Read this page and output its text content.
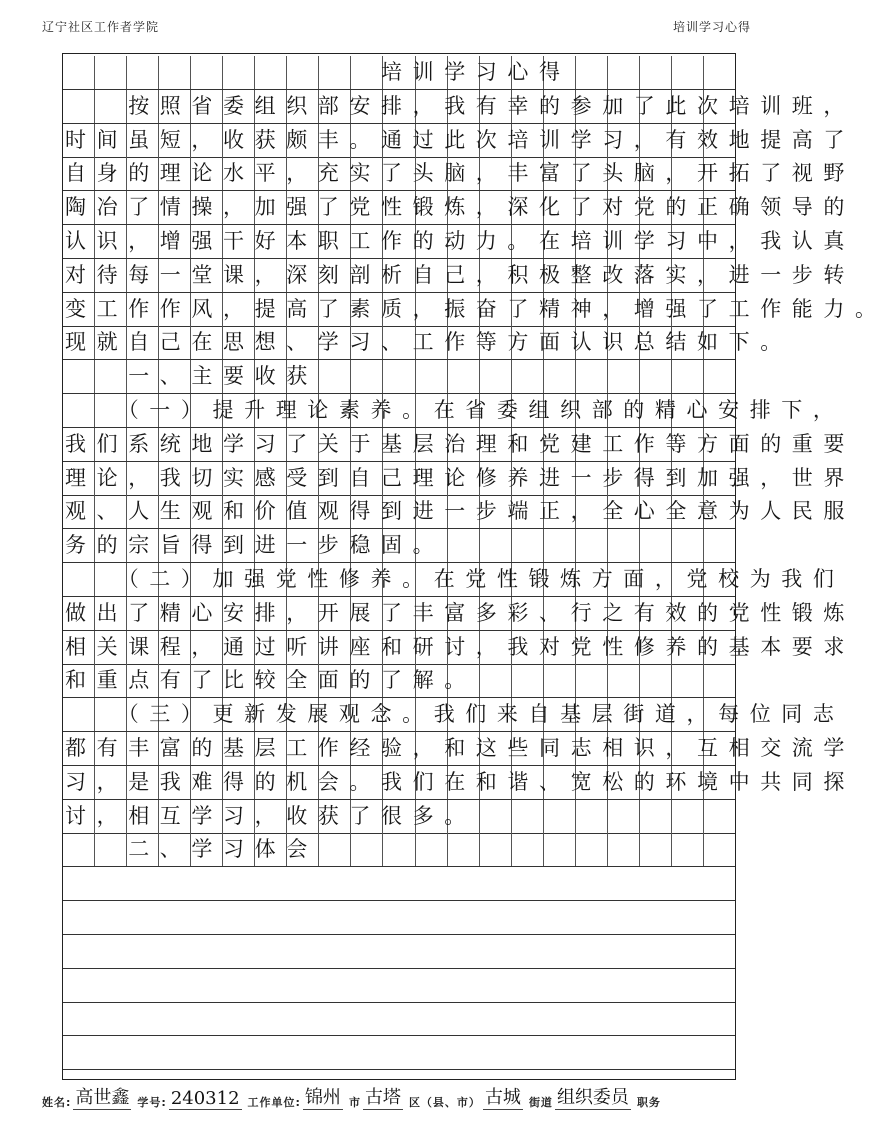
辽宁社区工作者学院	培训学习心得
　　　　　　　　　　培训学习心得
　　按照省委组织部安排，我有幸的参加了此次培训班，
时间虽短，收获颇丰。通过此次培训学习，有效地提高了
自身的理论水平，充实了头脑，丰富了头脑，开拓了视野
陶冶了情操，加强了党性锻炼，深化了对党的正确领导的
认识，增强干好本职工作的动力。在培训学习中，我认真
对待每一堂课，深刻剖析自己，积极整改落实，进一步转
变工作作风，提高了素质，振奋了精神，增强了工作能力。
现就自己在思想、学习、工作等方面认识总结如下。
　　一、主要收获
　　（一）提升理论素养。在省委组织部的精心安排下，
我们系统地学习了关于基层治理和党建工作等方面的重要
理论，我切实感受到自己理论修养进一步得到加强，世界
观、人生观和价值观得到进一步端正，全心全意为人民服
务的宗旨得到进一步稳固。
　　（二）加强党性修养。在党性锻炼方面，党校为我们
做出了精心安排，开展了丰富多彩、行之有效的党性锻炼
相关课程，通过听讲座和研讨，我对党性修养的基本要求
和重点有了比较全面的了解。
　　（三）更新发展观念。我们来自基层街道，每位同志
都有丰富的基层工作经验，和这些同志相识，互相交流学
习，是我难得的机会。我们在和谐、宽松的环境中共同探
讨，相互学习，收获了很多。
　　二、学习体会
姓名: 高世鑫 学号: 240312 工作单位: 锦州 市 古塔 区（县、市） 古城 街道 组织委员 职务
